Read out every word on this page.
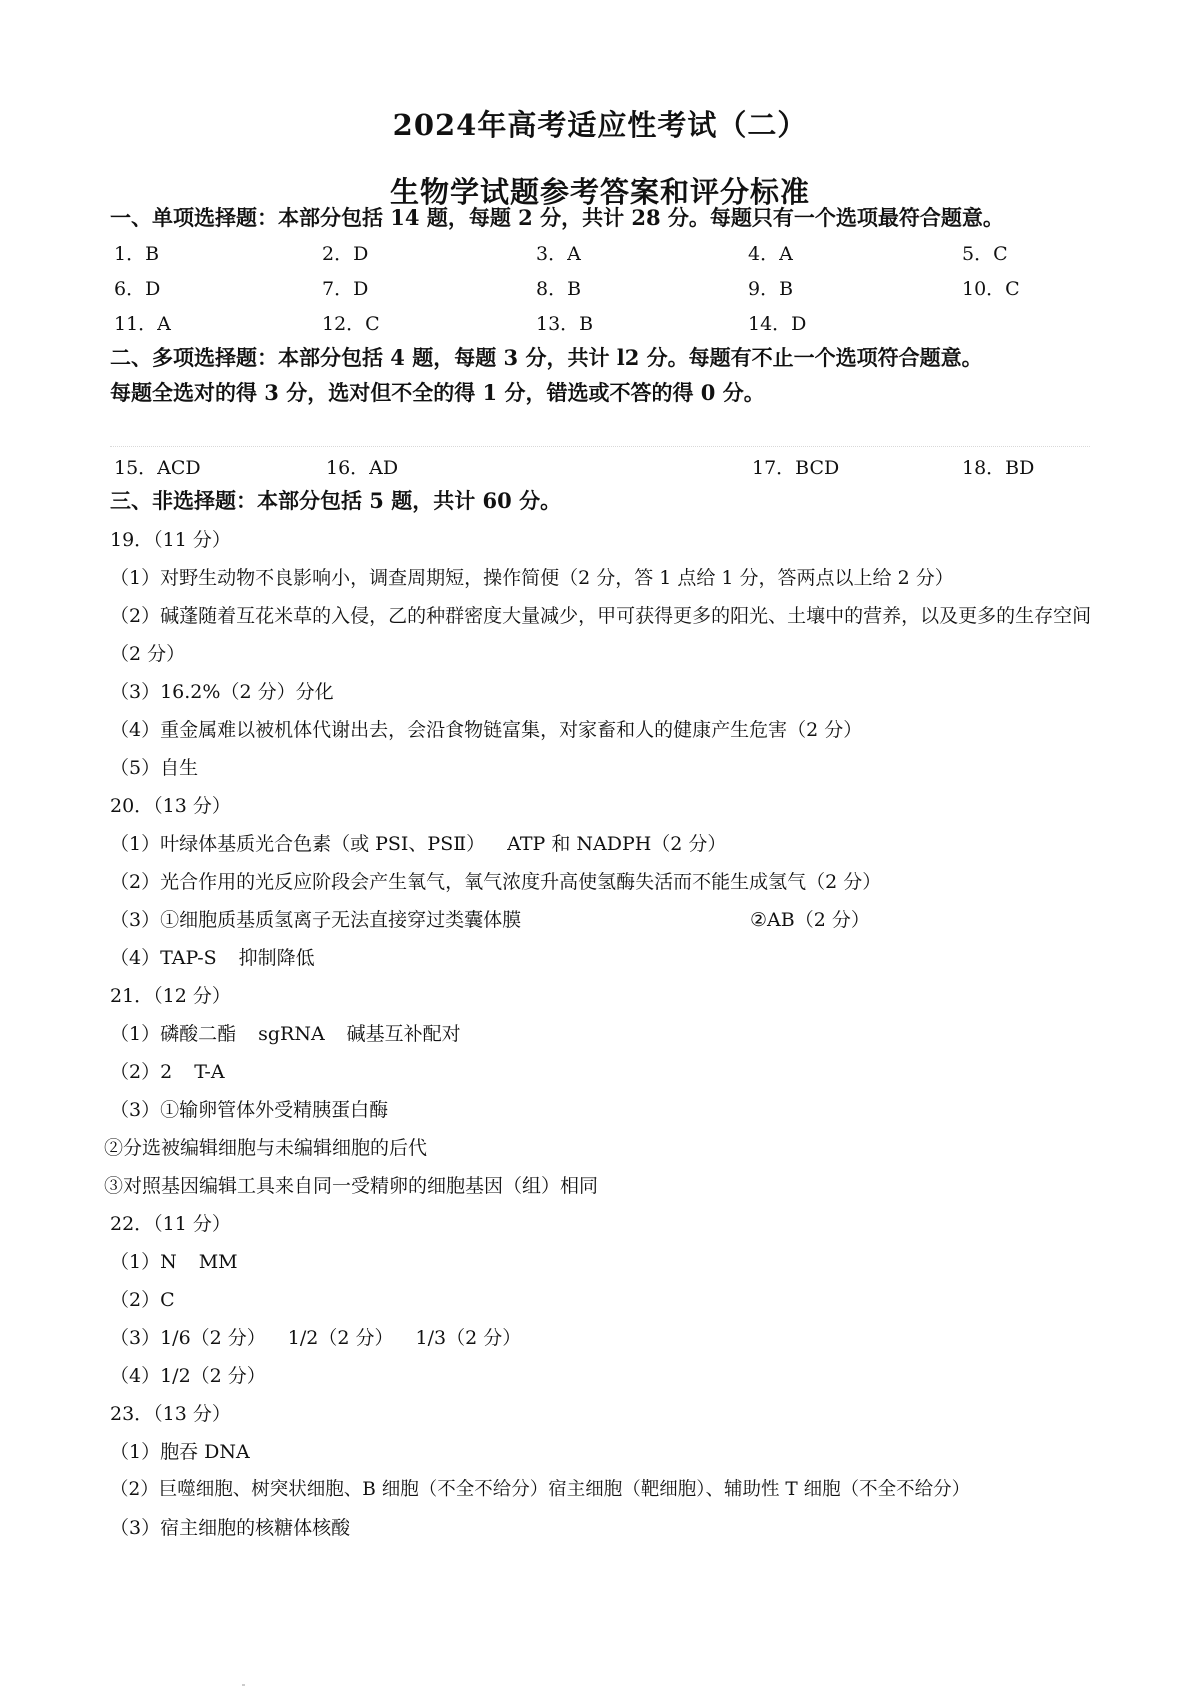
2024年高考适应性考试（二）
生物学试题参考答案和评分标准
一、单项选择题：本部分包括 14 题，每题 2 分，共计 28 分。每题只有一个选项最符合题意。
1．B	2．D	3．A	4．A	5．C
6．D	7．D	8．B	9．B	10．C
11．A	12．C	13．B	14．D
二、多项选择题：本部分包括 4 题，每题 3 分，共计 l2 分。每题有不止一个选项符合题意。
每题全选对的得 3 分，选对但不全的得 1 分，错选或不答的得 0 分。
15．ACD	16．AD	17．BCD	18．BD
三、非选择题：本部分包括 5 题，共计 60 分。
19．（11 分）
（1）对野生动物不良影响小，调查周期短，操作简便（2 分，答 1 点给 1 分，答两点以上给 2 分）
（2）碱蓬随着互花米草的入侵，乙的种群密度大量减少，甲可获得更多的阳光、土壤中的营养，以及更多的生存空间（2 分）
（3）16.2%（2 分）分化
（4）重金属难以被机体代谢出去，会沿食物链富集，对家畜和人的健康产生危害（2 分）
（5）自生
20．（13 分）
（1）叶绿体基质光合色素（或 PSⅠ、PSⅡ） ATP 和 NADPH（2 分）
（2）光合作用的光反应阶段会产生氧气，氧气浓度升高使氢酶失活而不能生成氢气（2 分）
（3）①细胞质基质氢离子无法直接穿过类囊体膜	②AB（2 分）
（4）TAP-S 抑制降低
21．（12 分）
（1）磷酸二酯 sgRNA 碱基互补配对
（2）2 T-A
（3）①输卵管体外受精胰蛋白酶
②分选被编辑细胞与未编辑细胞的后代
③对照基因编辑工具来自同一受精卵的细胞基因（组）相同
22．（11 分）
（1）N MM
（2）C
（3）1/6（2 分） 1/2（2 分） 1/3（2 分）
（4）1/2（2 分）
23．（13 分）
（1）胞吞 DNA
（2）巨噬细胞、树突状细胞、B 细胞（不全不给分）宿主细胞（靶细胞）、辅助性 T 细胞（不全不给分）
（3）宿主细胞的核糖体核酸
